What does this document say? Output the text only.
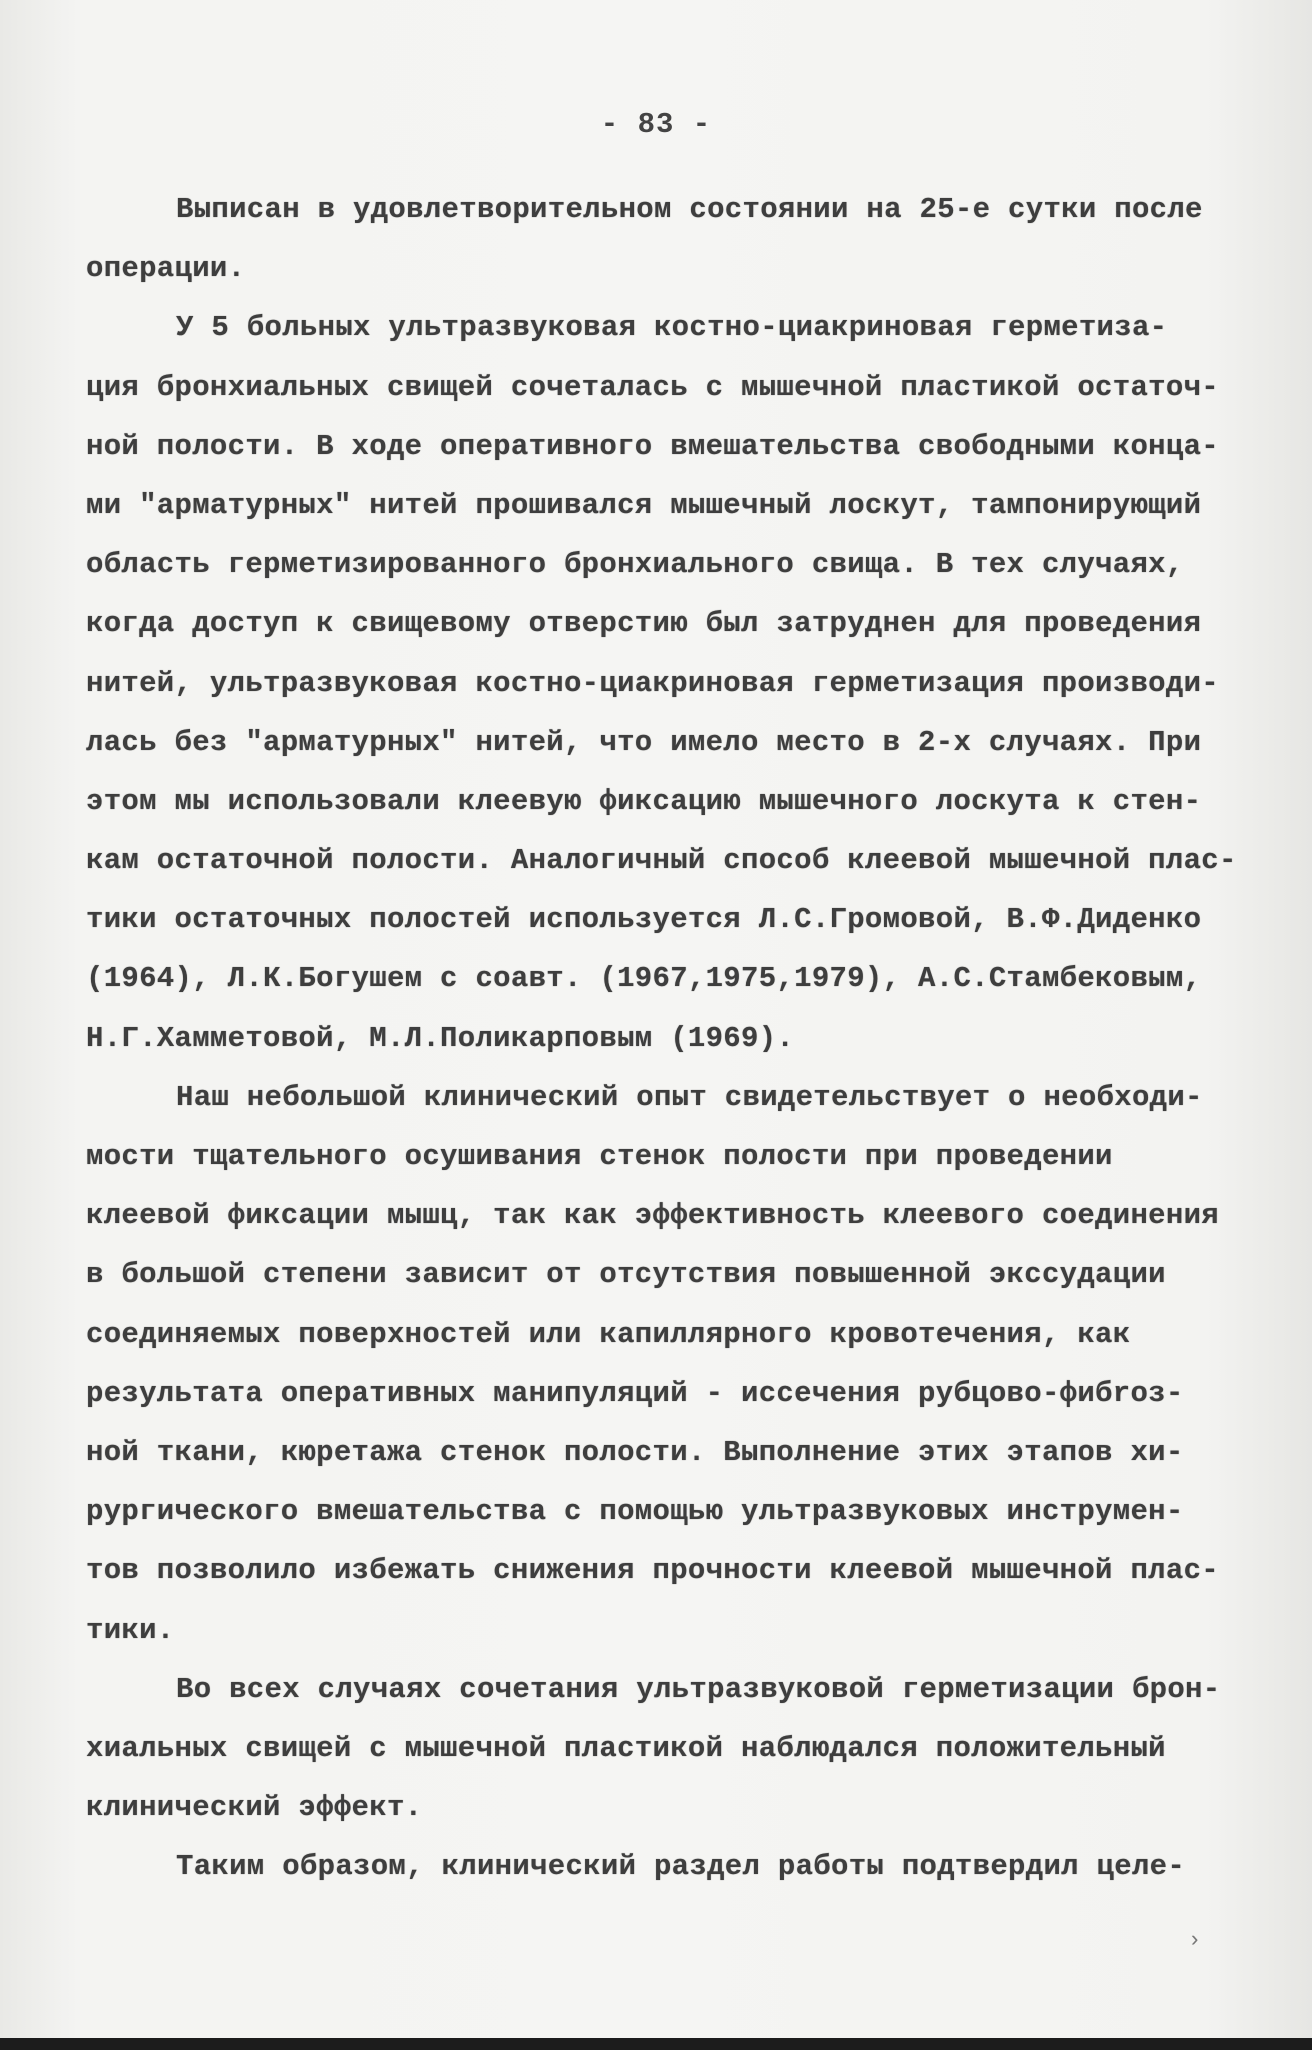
- 83 -
Выписан в удовлетворительном состоянии на 25-е сутки после
операции.
У 5 больных ультразвуковая костно-циакриновая герметиза-
ция бронхиальных свищей сочеталась с мышечной пластикой остаточ-
ной полости. В ходе оперативного вмешательства свободными конца-
ми "арматурных" нитей прошивался мышечный лоскут, тампонирующий
область герметизированного бронхиального свища. В тех случаях,
когда доступ к свищевому отверстию был затруднен для проведения
нитей, ультразвуковая костно-циакриновая герметизация производи-
лась без "арматурных" нитей, что имело место в 2-х случаях. При
этом мы использовали клеевую фиксацию мышечного лоскута к стен-
кам остаточной полости. Аналогичный способ клеевой мышечной плас-
тики остаточных полостей используется Л.С.Громовой, В.Ф.Диденко
(1964), Л.К.Богушем с соавт. (1967,1975,1979), А.С.Стамбековым,
Н.Г.Хамметовой, М.Л.Поликарповым (1969).
Наш небольшой клинический опыт свидетельствует о необходи-
мости тщательного осушивания стенок полости при проведении
клеевой фиксации мышц, так как эффективность клеевого соединения
в большой степени зависит от отсутствия повышенной экссудации
соединяемых поверхностей или капиллярного кровотечения, как
результата оперативных манипуляций - иссечения рубцово-фибroз-
ной ткани, кюретажа стенок полости. Выполнение этих этапов хи-
рургического вмешательства с помощью ультразвуковых инструмен-
тов позволило избежать снижения прочности клеевой мышечной плас-
тики.
Во всех случаях сочетания ультразвуковой герметизации брон-
хиальных свищей с мышечной пластикой наблюдался положительный
клинический эффект.
Таким образом, клинический раздел работы подтвердил целе-
›
